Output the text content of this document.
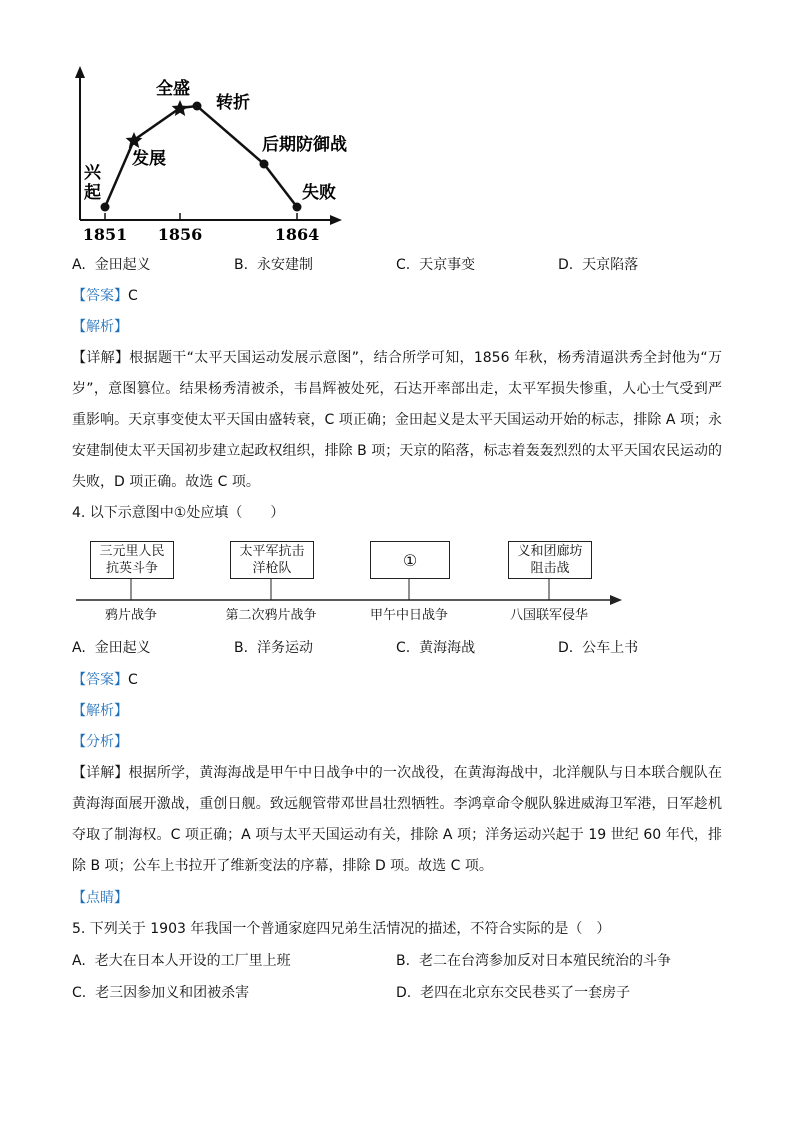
兴
起
发展
全盛
转折
后期防御战
失败
1851 1856	1864
A. 金田起义	B. 永安建制	C. 天京事变	D. 天京陷落
【答案】C
【解析】
【详解】根据题干“太平天国运动发展示意图”，结合所学可知，1856 年秋，杨秀清逼洪秀全封他为“万岁”，意图篡位。结果杨秀清被杀，韦昌辉被处死，石达开率部出走，太平军损失惨重，人心士气受到严重影响。天京事变使太平天国由盛转衰，C 项正确；金田起义是太平天国运动开始的标志，排除 A 项；永安建制使太平天国初步建立起政权组织，排除 B 项；天京的陷落，标志着轰轰烈烈的太平天国农民运动的失败，D 项正确。故选 C 项。
4. 以下示意图中①处应填（　　）
三元里人民
抗英斗争
太平军抗击
洋枪队	①	义和团廊坊
阻击战
鸦片战争	第二次鸦片战争	甲午中日战争	八国联军侵华
A. 金田起义	B. 洋务运动	C. 黄海海战	D. 公车上书
【答案】C
【解析】
【分析】
【详解】根据所学，黄海海战是甲午中日战争中的一次战役，在黄海海战中，北洋舰队与日本联合舰队在黄海海面展开激战，重创日舰。致远舰管带邓世昌壮烈牺牲。李鸿章命令舰队躲进威海卫军港，日军趁机夺取了制海权。C 项正确；A 项与太平天国运动有关，排除 A 项；洋务运动兴起于 19 世纪 60 年代，排除 B 项；公车上书拉开了维新变法的序幕，排除 D 项。故选 C 项。
【点睛】
5. 下列关于 1903 年我国一个普通家庭四兄弟生活情况的描述，不符合实际的是（　）
A. 老大在日本人开设的工厂里上班	B. 老二在台湾参加反对日本殖民统治的斗争
C. 老三因参加义和团被杀害	D. 老四在北京东交民巷买了一套房子
